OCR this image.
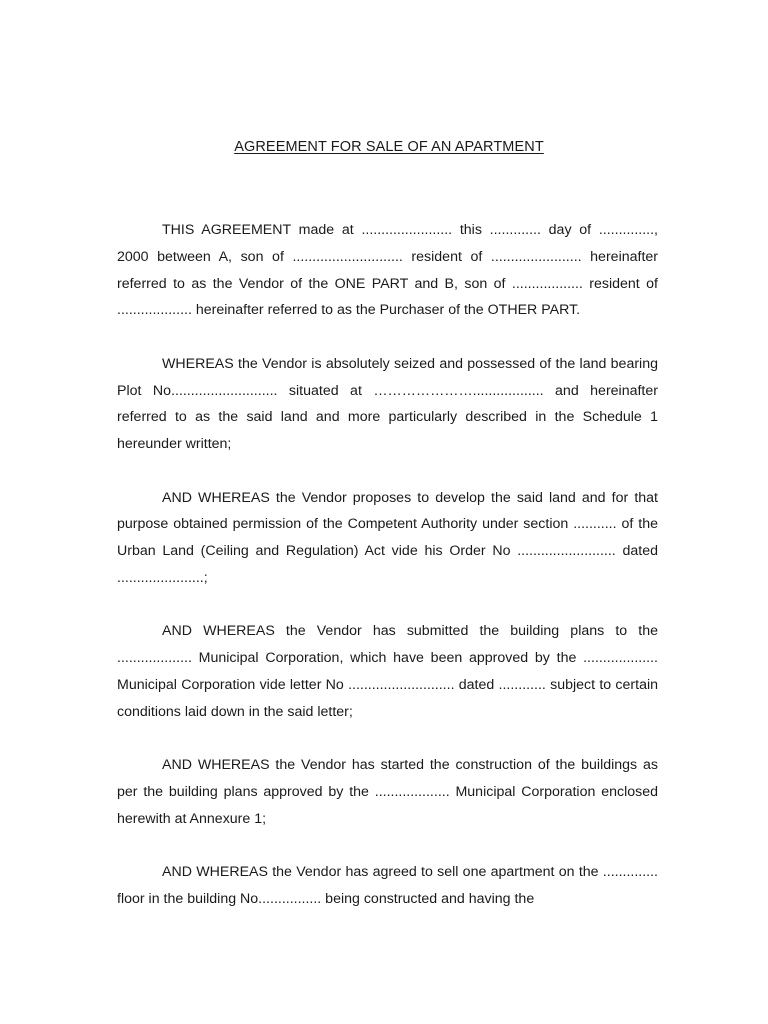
AGREEMENT FOR SALE OF AN APARTMENT

THIS AGREEMENT made at ....................... this ............. day of .............., 2000 between A, son of ............................ resident of ....................... hereinafter referred to as the Vendor of the ONE PART and B, son of .................. resident of ................... hereinafter referred to as the Purchaser of the OTHER PART.

WHEREAS the Vendor is absolutely seized and possessed of the land bearing Plot No........................... situated at ………………….................. and hereinafter referred to as the said land and more particularly described in the Schedule 1 hereunder written;

AND WHEREAS the Vendor proposes to develop the said land and for that purpose obtained permission of the Competent Authority under section ........... of the Urban Land (Ceiling and Regulation) Act vide his Order No ......................... dated ......................;

AND WHEREAS the Vendor has submitted the building plans to the ................... Municipal Corporation, which have been approved by the ................... Municipal Corporation vide letter No ........................... dated ............ subject to certain conditions laid down in the said letter;

AND WHEREAS the Vendor has started the construction of the buildings as per the building plans approved by the ................... Municipal Corporation enclosed herewith at Annexure 1;

AND WHEREAS the Vendor has agreed to sell one apartment on the .............. floor in the building No................ being constructed and having the
